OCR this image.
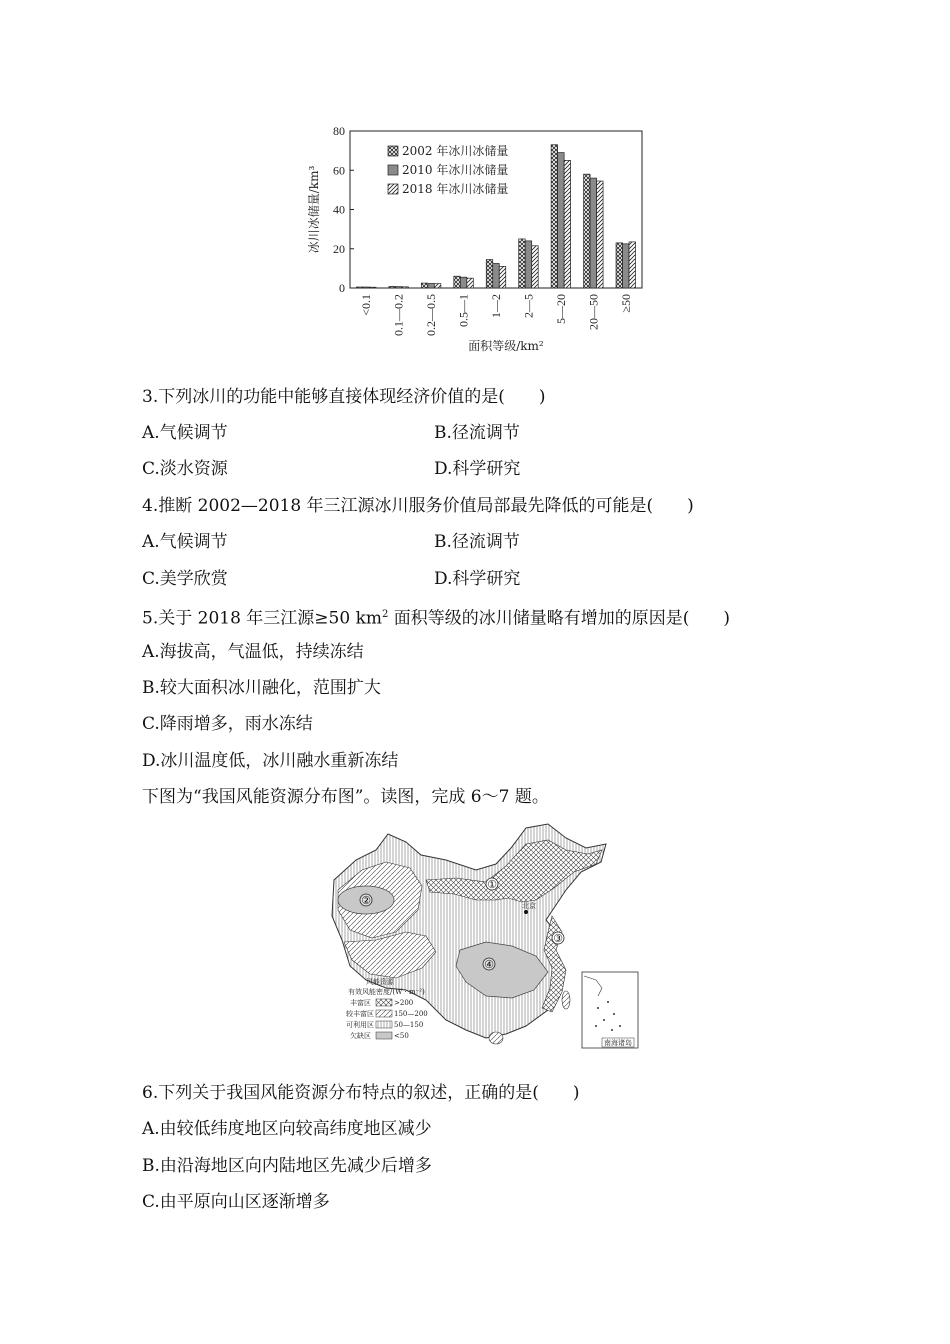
0
20
40
60
80
冰川冰储量/km³
<0.1 0.1—0.2 0.2—0.5 0.5—1 1—2 2—5 5—20 20—50 ≥50
面积等级/km²
2002 年冰川冰储量
2010 年冰川冰储量
2018 年冰川冰储量
3.下列冰川的功能中能够直接体现经济价值的是(　　)
A.气候调节	B.径流调节
C.淡水资源	D.科学研究
4.推断 2002—2018 年三江源冰川服务价值局部最先降低的可能是(　　)
A.气候调节	B.径流调节
C.美学欣赏	D.科学研究
5.关于 2018 年三江源≥50 $km^2$ 面积等级的冰川储量略有增加的原因是(　　)
A.海拔高，气温低，持续冻结
B.较大面积冰川融化，范围扩大
C.降雨增多，雨水冻结
D.冰川温度低，冰川融水重新冻结
下图为“我国风能资源分布图”。读图，完成 6～7 题。
①
②
③
④
北京
风能资源
有效风能密度/(W · m⁻²)
丰富区	>200
较丰富区	150—200
可利用区	50—150
欠缺区	<50
南海诸岛
6.下列关于我国风能资源分布特点的叙述，正确的是(　　)
A.由较低纬度地区向较高纬度地区减少
B.由沿海地区向内陆地区先减少后增多
C.由平原向山区逐渐增多
